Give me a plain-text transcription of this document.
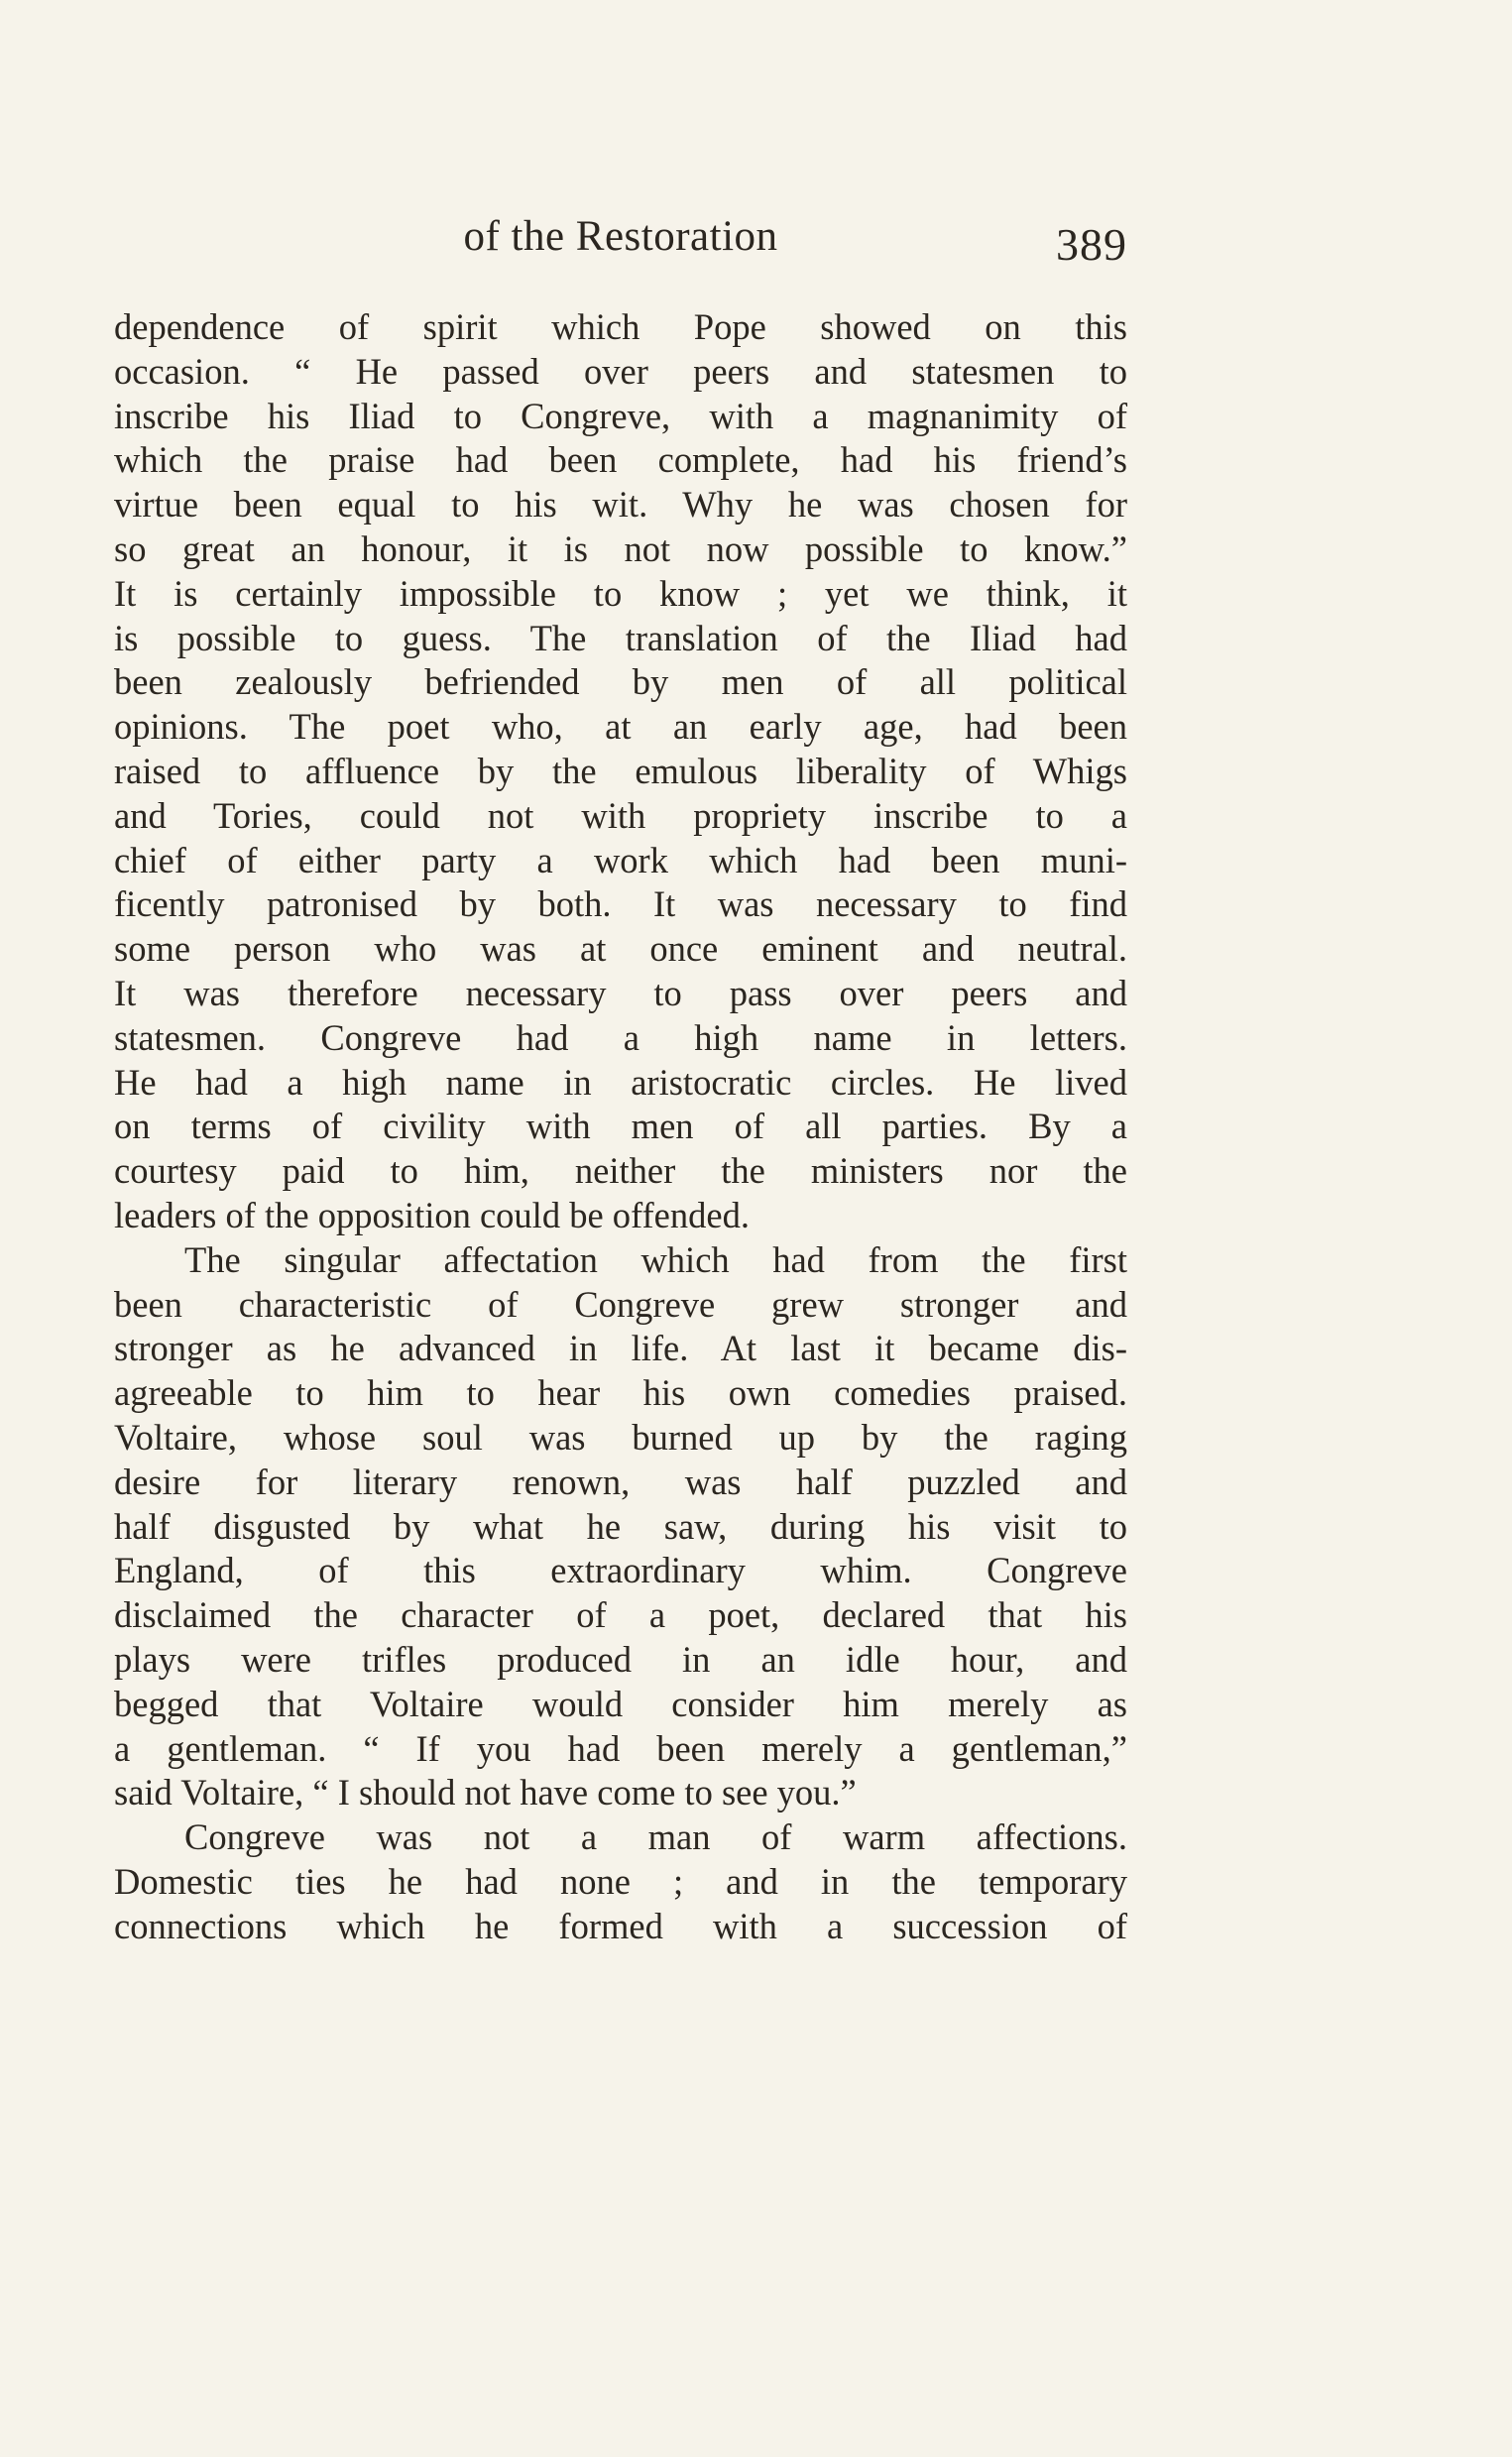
of the Restoration	389
dependence of spirit which Pope showed on this
occasion. “ He passed over peers and statesmen to
inscribe his Iliad to Congreve, with a magnanimity of
which the praise had been complete, had his friend’s
virtue been equal to his wit. Why he was chosen for
so great an honour, it is not now possible to know.”
It is certainly impossible to know ; yet we think, it
is possible to guess. The translation of the Iliad had
been zealously befriended by men of all political
opinions. The poet who, at an early age, had been
raised to affluence by the emulous liberality of Whigs
and Tories, could not with propriety inscribe to a
chief of either party a work which had been muni-
ficently patronised by both. It was necessary to find
some person who was at once eminent and neutral.
It was therefore necessary to pass over peers and
statesmen. Congreve had a high name in letters.
He had a high name in aristocratic circles. He lived
on terms of civility with men of all parties. By a
courtesy paid to him, neither the ministers nor the
leaders of the opposition could be offended.
The singular affectation which had from the first
been characteristic of Congreve grew stronger and
stronger as he advanced in life. At last it became dis-
agreeable to him to hear his own comedies praised.
Voltaire, whose soul was burned up by the raging
desire for literary renown, was half puzzled and
half disgusted by what he saw, during his visit to
England, of this extraordinary whim. Congreve
disclaimed the character of a poet, declared that his
plays were trifles produced in an idle hour, and
begged that Voltaire would consider him merely as
a gentleman. “ If you had been merely a gentleman,”
said Voltaire, “ I should not have come to see you.”
Congreve was not a man of warm affections.
Domestic ties he had none ; and in the temporary
connections which he formed with a succession of
